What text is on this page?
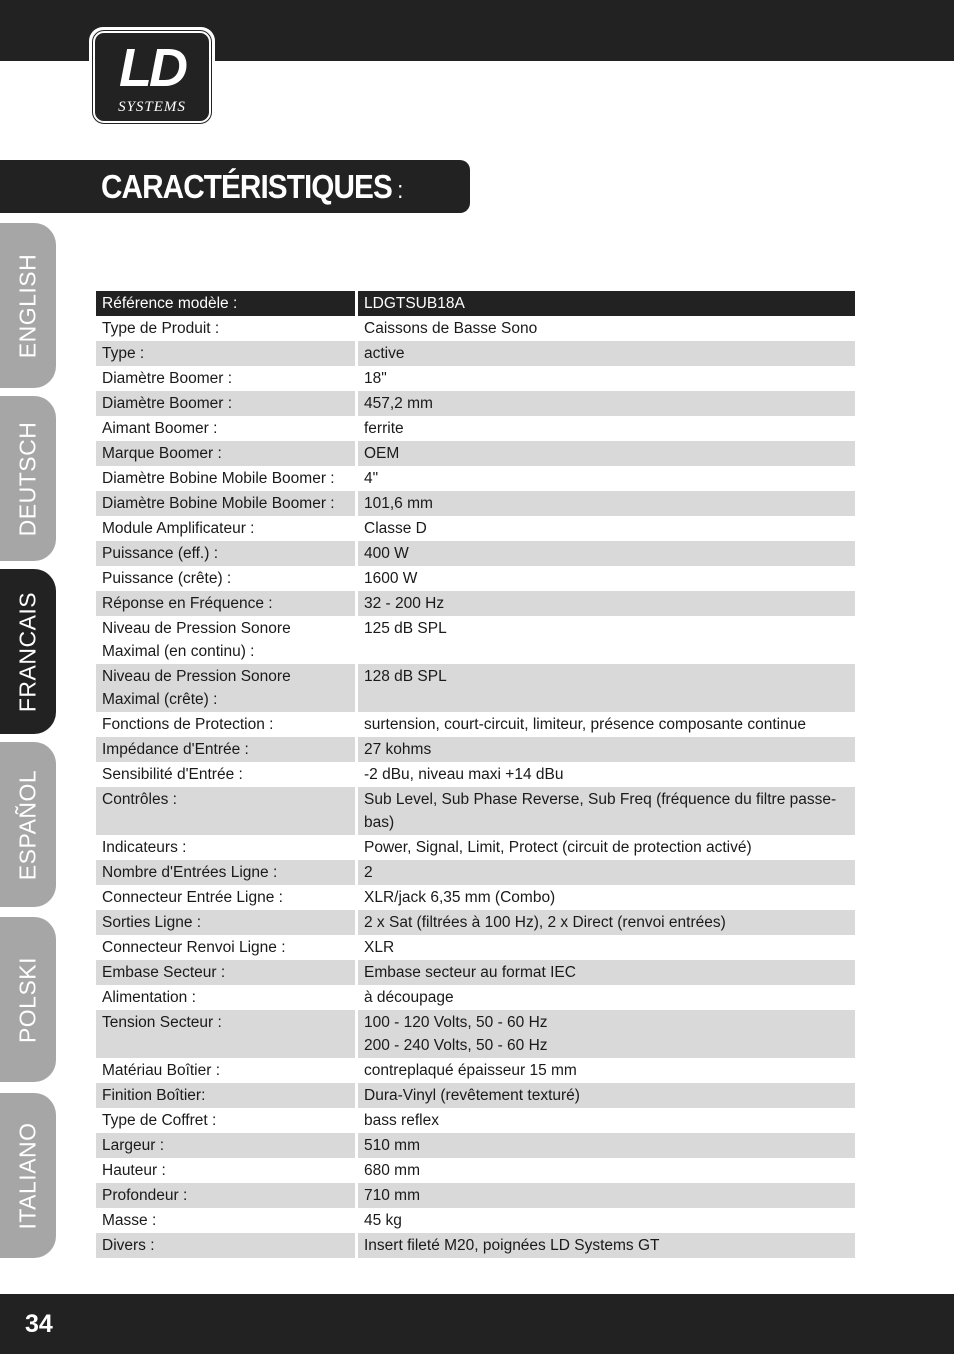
LD
SYSTEMS
CARACTÉRISTIQUES :
ENGLISH
DEUTSCH
FRANCAIS
ESPAÑOL
POLSKI
ITALIANO
Référence modèle :	LDGTSUB18A
Type de Produit :	Caissons de Basse Sono
Type :	active
Diamètre Boomer :	18"
Diamètre Boomer :	457,2 mm
Aimant Boomer :	ferrite
Marque Boomer :	OEM
Diamètre Bobine Mobile Boomer :	4"
Diamètre Bobine Mobile Boomer :	101,6 mm
Module Amplificateur :	Classe D
Puissance (eff.) :	400 W
Puissance (crête) :	1600 W
Réponse en Fréquence :	32 - 200 Hz
Niveau de Pression Sonore Maximal (en continu) :	125 dB SPL
Niveau de Pression Sonore Maximal (crête) :	128 dB SPL
Fonctions de Protection :	surtension, court-circuit, limiteur, présence composante continue
Impédance d'Entrée :	27 kohms
Sensibilité d'Entrée :	-2 dBu, niveau maxi +14 dBu
Contrôles :	Sub Level, Sub Phase Reverse, Sub Freq (fréquence du filtre passe-bas)
Indicateurs :	Power, Signal, Limit, Protect (circuit de protection activé)
Nombre d'Entrées Ligne :	2
Connecteur Entrée Ligne :	XLR/jack 6,35 mm (Combo)
Sorties Ligne :	2 x Sat (filtrées à 100 Hz), 2 x Direct (renvoi entrées)
Connecteur Renvoi Ligne :	XLR
Embase Secteur :	Embase secteur au format IEC
Alimentation :	à découpage
Tension Secteur :	100 - 120 Volts, 50 - 60 Hz
200 - 240 Volts, 50 - 60 Hz
Matériau Boîtier :	contreplaqué épaisseur 15 mm
Finition Boîtier:	Dura-Vinyl (revêtement texturé)
Type de Coffret :	bass reflex
Largeur :	510 mm
Hauteur :	680 mm
Profondeur :	710 mm
Masse :	45 kg
Divers :	Insert fileté M20, poignées LD Systems GT
34
